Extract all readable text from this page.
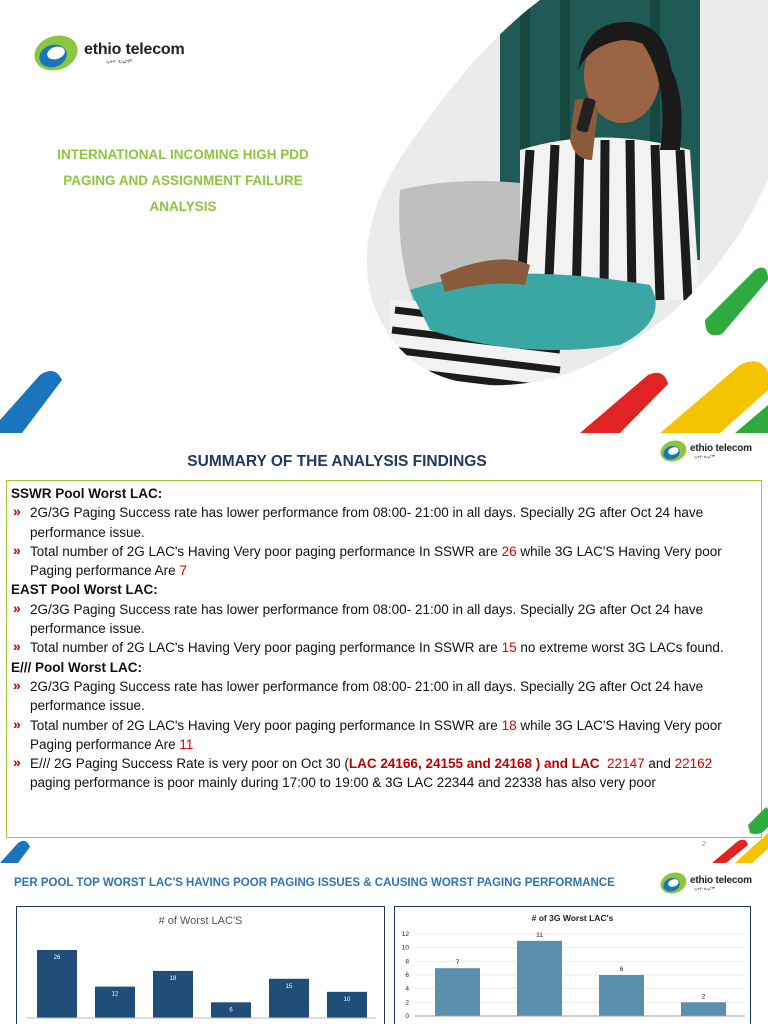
ethio telecom
ኢትዮ ቴሌኮም
INTERNATIONAL INCOMING HIGH PDD
PAGING AND ASSIGNMENT FAILURE
ANALYSIS
SUMMARY OF THE ANALYSIS FINDINGS
ethio telecom
ኢትዮ ቴሌኮም
SSWR Pool Worst LAC:
» 2G/3G Paging Success rate has lower performance from 08:00- 21:00 in all days. Specially 2G after Oct 24 have performance issue.
» Total number of 2G LAC's Having Very poor paging performance In SSWR are 26 while 3G LAC'S Having Very poor Paging performance Are 7
EAST Pool Worst LAC:
» 2G/3G Paging Success rate has lower performance from 08:00- 21:00 in all days. Specially 2G after Oct 24 have performance issue.
» Total number of 2G LAC's Having Very poor paging performance In SSWR are 15 no extreme worst 3G LACs found.
E/// Pool Worst LAC:
» 2G/3G Paging Success rate has lower performance from 08:00- 21:00 in all days. Specially 2G after Oct 24 have performance issue.
» Total number of 2G LAC's Having Very poor paging performance In SSWR are 18 while 3G LAC'S Having Very poor Paging performance Are 11
» E/// 2G Paging Success Rate is very poor on Oct 30 (LAC 24166, 24155 and 24168 ) and LAC 22147 and 22162
paging performance is poor mainly during 17:00 to 19:00 & 3G LAC 22344 and 22338 has also very poor
2
PER POOL TOP WORST LAC'S HAVING POOR PAGING ISSUES & CAUSING WORST PAGING PERFORMANCE	ethio telecom
ኢትዮ ቴሌኮም
# of Worst LAC'S
26
12
18
6
15
10
# of 3G Worst LAC's
0
2
4
6
8
10
12
7
11
6
2
